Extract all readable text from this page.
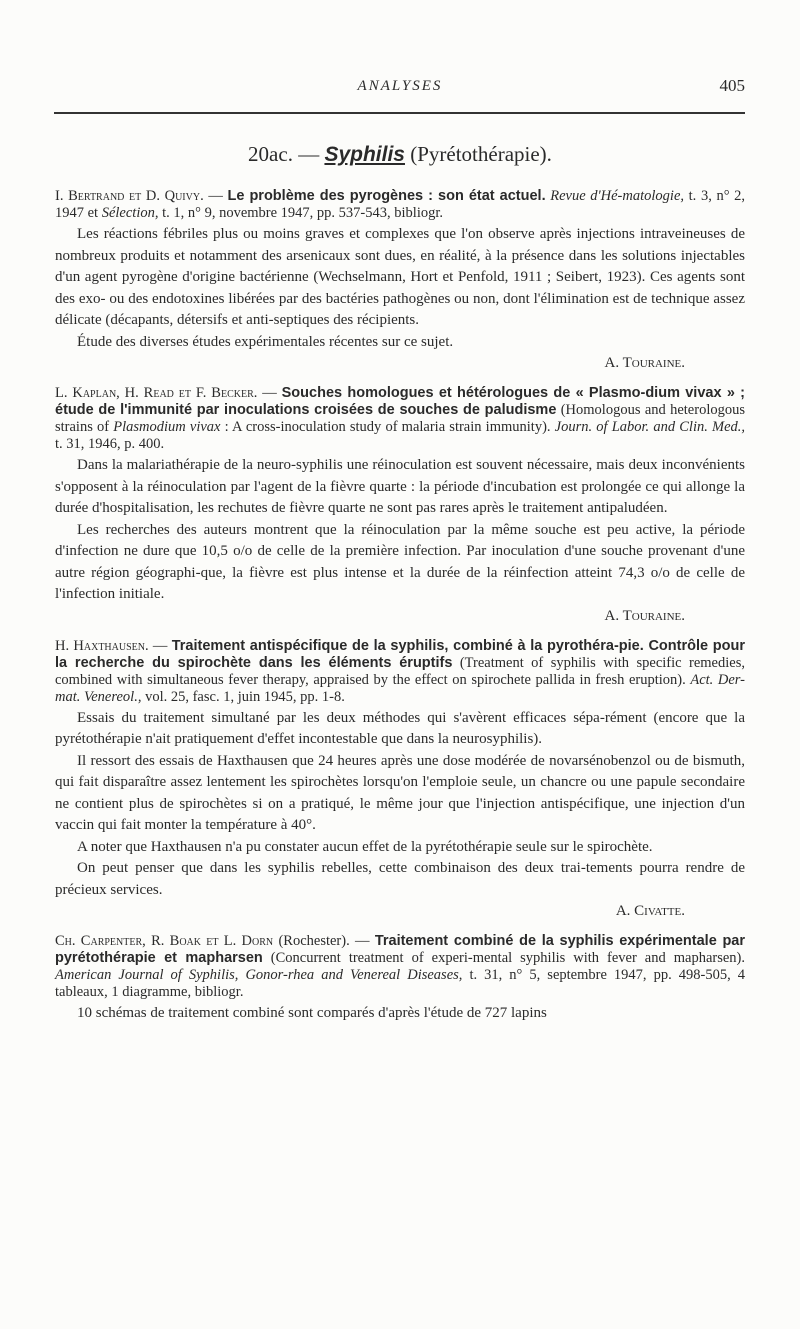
ANALYSES	405
20ac. — Syphilis (Pyrétothérapie).

I. Bertrand et D. Quivy. — Le problème des pyrogènes : son état actuel. Revue d'Hé-matologie, t. 3, n° 2, 1947 et Sélection, t. 1, n° 9, novembre 1947, pp. 537-543, bibliogr.

Les réactions fébriles plus ou moins graves et complexes que l'on observe après injections intraveineuses de nombreux produits et notamment des arsenicaux sont dues, en réalité, à la présence dans les solutions injectables d'un agent pyrogène d'origine bactérienne (Wechselmann, Hort et Penfold, 1911 ; Seibert, 1923). Ces agents sont des exo- ou des endotoxines libérées par des bactéries pathogènes ou non, dont l'élimination est de technique assez délicate (décapants, détersifs et anti-septiques des récipients.

Étude des diverses études expérimentales récentes sur ce sujet.

A. Touraine.

L. Kaplan, H. Read et F. Becker. — Souches homologues et hétérologues de « Plasmo-dium vivax » ; étude de l'immunité par inoculations croisées de souches de paludisme (Homologous and heterologous strains of Plasmodium vivax : A cross-inoculation study of malaria strain immunity). Journ. of Labor. and Clin. Med., t. 31, 1946, p. 400.

Dans la malariathérapie de la neuro-syphilis une réinoculation est souvent nécessaire, mais deux inconvénients s'opposent à la réinoculation par l'agent de la fièvre quarte : la période d'incubation est prolongée ce qui allonge la durée d'hospitalisation, les rechutes de fièvre quarte ne sont pas rares après le traitement antipaludéen.

Les recherches des auteurs montrent que la réinoculation par la même souche est peu active, la période d'infection ne dure que 10,5 o/o de celle de la première infection. Par inoculation d'une souche provenant d'une autre région géographi-que, la fièvre est plus intense et la durée de la réinfection atteint 74,3 o/o de celle de l'infection initiale.

A. Touraine.

H. Haxthausen. — Traitement antispécifique de la syphilis, combiné à la pyrothéra-pie. Contrôle pour la recherche du spirochète dans les éléments éruptifs (Treatment of syphilis with specific remedies, combined with simultaneous fever therapy, appraised by the effect on spirochete pallida in fresh eruption). Act. Der-mat. Venereol., vol. 25, fasc. 1, juin 1945, pp. 1-8.

Essais du traitement simultané par les deux méthodes qui s'avèrent efficaces sépa-rément (encore que la pyrétothérapie n'ait pratiquement d'effet incontestable que dans la neurosyphilis).

Il ressort des essais de Haxthausen que 24 heures après une dose modérée de novarsénobenzol ou de bismuth, qui fait disparaître assez lentement les spirochètes lorsqu'on l'emploie seule, un chancre ou une papule secondaire ne contient plus de spirochètes si on a pratiqué, le même jour que l'injection antispécifique, une injection d'un vaccin qui fait monter la température à 40°.

A noter que Haxthausen n'a pu constater aucun effet de la pyrétothérapie seule sur le spirochète.

On peut penser que dans les syphilis rebelles, cette combinaison des deux trai-tements pourra rendre de précieux services.

A. Civatte.

Ch. Carpenter, R. Boak et L. Dorn (Rochester). — Traitement combiné de la syphilis expérimentale par pyrétothérapie et mapharsen (Concurrent treatment of experi-mental syphilis with fever and mapharsen). American Journal of Syphilis, Gonor-rhea and Venereal Diseases, t. 31, n° 5, septembre 1947, pp. 498-505, 4 tableaux, 1 diagramme, bibliogr.

10 schémas de traitement combiné sont comparés d'après l'étude de 727 lapins
